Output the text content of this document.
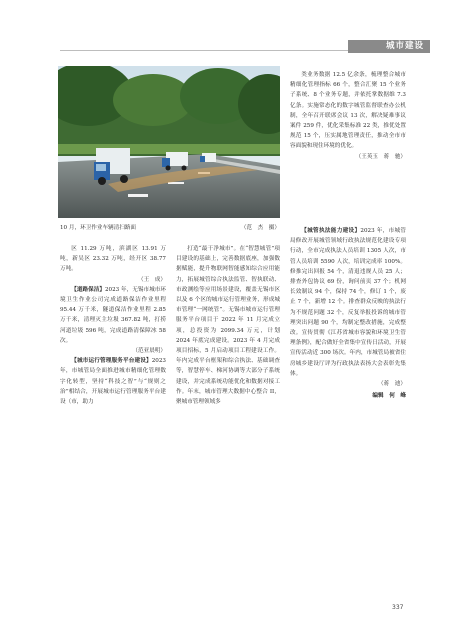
城市建设
10 月，环卫作业车辆清扫路面	（范　杰　摄）

区 11.29 万吨，滨湖区 13.91 万吨，新吴区 23.32 万吨，经开区 38.77 万吨。

（王　成）

【道路保洁】2023 年，无锡市城市环境卫生作业公司完成道路保洁作业里程 95.44 万千米，隧道保洁作业里程 2.85 万千米，清理灭主垃圾 367.82 吨，打捞河道垃圾 596 吨，完成道路清保障冰 58 次。

（范亚晨明）

【城市运行管理服务平台建设】2023 年，市城管局全面推进城市精细化管理数字化转型，坚持“科技之智”与“规则之治”相结合，开展城市运行管理服务平台建设（市，助力

打造“最干净城市”。在“智慧城管”项目建设的基础上，完善数据底座，加强数据赋能，提升物联网智能感知综合应用能力，拓展城管综合执法监管、智执联动、市政测绘等应用场景建设，覆盖无锡市区以及 6 个区的城市运行管理业务，形成城市管理“一网统管”。无锡市城市运行管理服务平台项目于 2022 年 11 月完成立项，总投资为 2099.34 万元，计划 2024 年底完成建设。2023 年 4 月完成项目招标，5 月启动项目工程建设工作。年内完成平台框架和综合执法、基础调查等，智慧停车、梯河协调等大部分子系统建设，并完成系统功能优化和数据对接工作。年末，城市管理大数据中心整合 II，聚城市管理领域多

类业务数据 12.5 亿余条，梳理整合城市精细化管理指标 66 个，整合汇聚 15 个业务子系统、8 个业务专题，并依托掌数据维 7.3 亿条。实施常态化的数字城管监督联查办公机制，全年召开联席会议 13 次，解决疑难事议案件 259 件，优化采集标准 22 类，推优处置规范 15 个，压实属地管理责任，推动全市市容面貌和现住环境的优化。

（王英玉　蒋　驰）

【城管执法能力建设】2023 年，市城管局修改开展城管领域行政执法规范化建设专项行动，全市完成执法人员培训 1305 人次，市管人员培训 5590 人次，培训完成率 100%。修推完出回报 54 个，清退违规人员 25 人；排查外包协议 69 份，询问前页 37 个；机网长效制议 94 个，保持 74 个，修订 1 个，废止 7 个，新增 12 个。排查群众反映的执法行为不规范问题 32 个，反复举报投诉的城市管理突出问题 90 个，均制定整改措施，完成整改。宣传贯彻《江苏省城市容貌和环境卫生管理条例》，配合做好全省集中宣传日活动，开展宣传活动近 300 场次。年内，市城管局被省住房城乡建设厅评为行政执法表扬大会表彰先集体。

（蒋　迪）

编辑　何　峰

337
